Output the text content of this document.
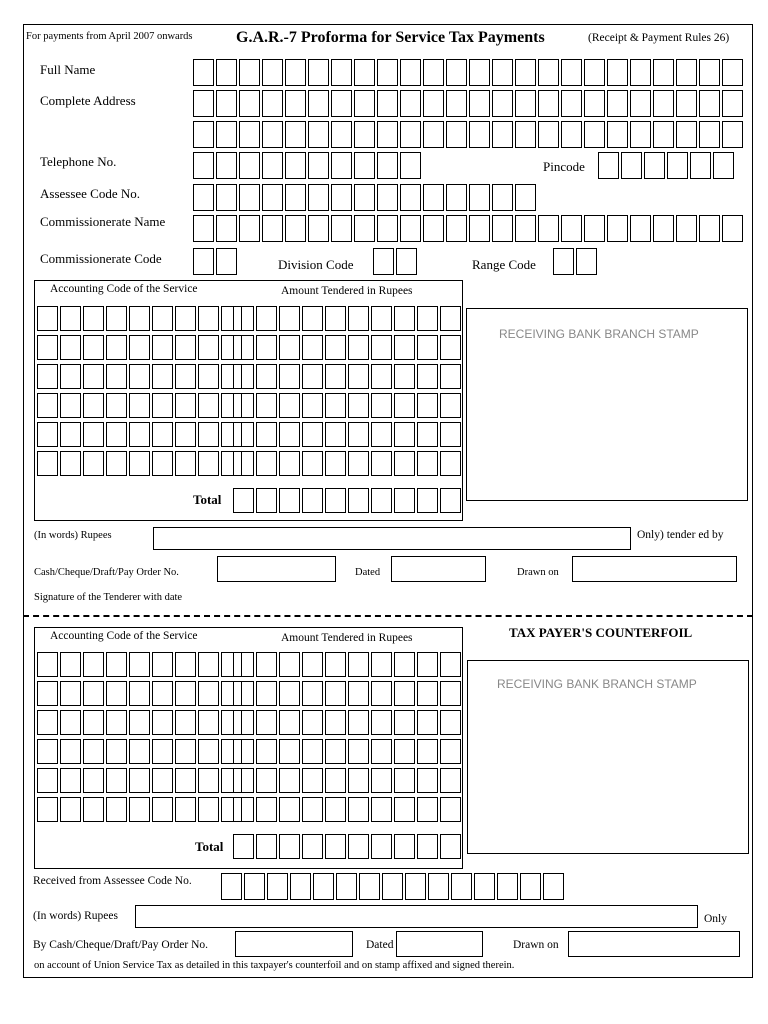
For payments from April 2007 onwards	G.A.R.-7 Proforma for Service Tax Payments	(Receipt & Payment Rules 26)
Full Name
Complete Address
Telephone No.	Pincode
Assessee Code No.
Commissionerate Name
Commissionerate Code	Division Code	Range Code
Accounting Code of the Service	Amount Tendered in Rupees
Total
RECEIVING BANK BRANCH STAMP
(In words) Rupees	Only) tender ed by
Cash/Cheque/Draft/Pay Order No.	Dated	Drawn on
Signature of the Tenderer with date
Accounting Code of the Service	Amount Tendered in Rupees
Total
TAX PAYER'S COUNTERFOIL
RECEIVING BANK BRANCH STAMP
Received from Assessee Code No.
(In words) Rupees	Only
By Cash/Cheque/Draft/Pay Order No.	Dated	Drawn on
on account of Union Service Tax as detailed in this taxpayer's counterfoil and on stamp affixed and signed therein.
